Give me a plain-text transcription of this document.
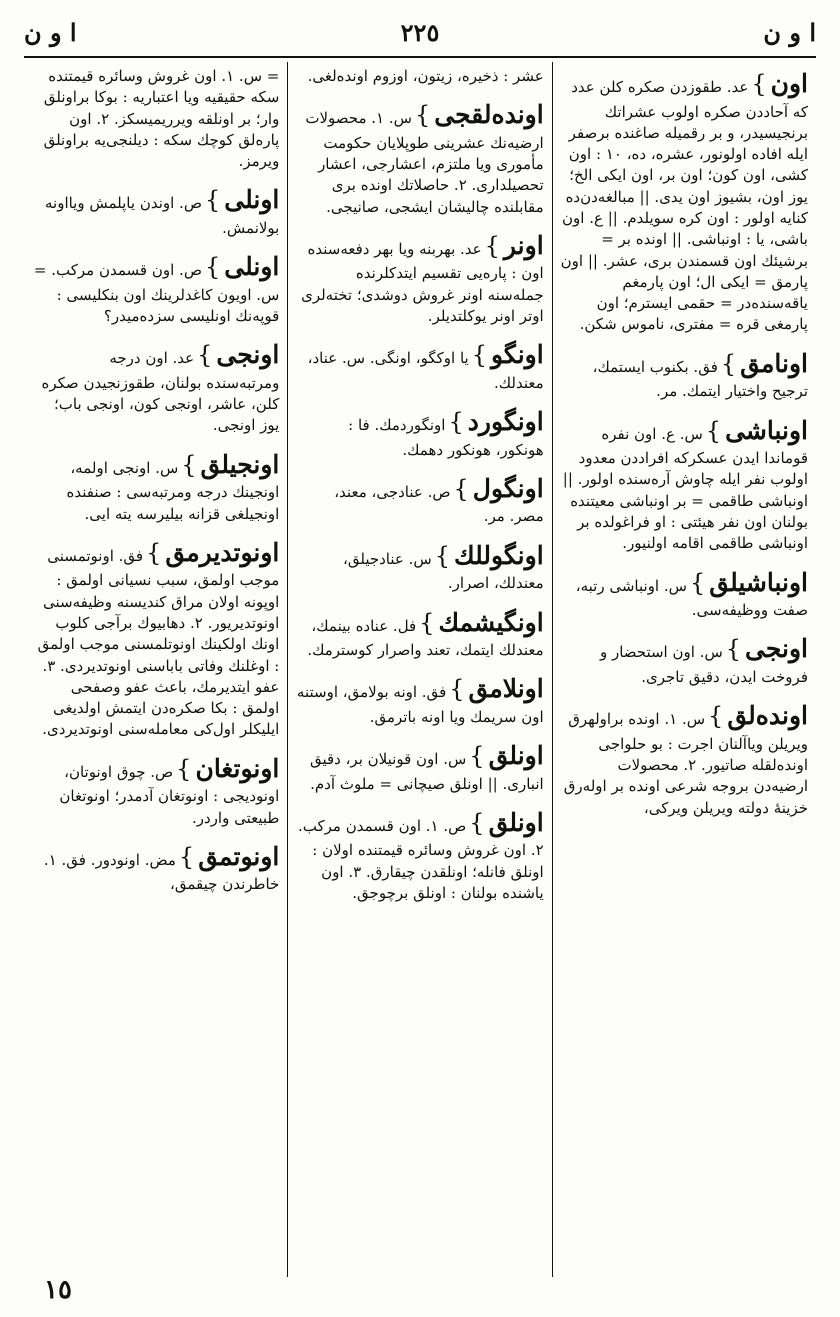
ا و ن	٢٢٥	ا و ن

اون}عد. طقوزدن صکره کلن عدد که آحاددن صکره اولوب عشراتك برنجیسیدر، و بر رقمیله صاغنده برصفر ایله افاده اولونور، عشره، ده، ١٠ : اون کشی، اون کون؛ اون بر، اون ایکی الخ؛ یوز اون، بشیوز اون یدی. || مبالغه‌دن‌ده کنایه اولور : اون کره سویلدم. || ع. اون باشی، یا : اونباشی. || اونده بر = برشیئك اون قسمندن بری، عشر. || اون پارمق = ایکی ال؛ اون پارمغم یاقه‌سنده‌در = حقمی ایسترم؛ اون پارمغی قره = مفتری، ناموس شکن.

اونامق}فق. بکنوب ایستمك، ترجیح واختیار ایتمك. مر.

اونباشی}س. ع. اون نفره قوماندا ایدن عسکرکه افراددن معدود اولوب نفر ایله چاوش آره‌سنده اولور. || اونباشی طاقمی = بر اونباشی معیتنده بولنان اون نفر هیئتی : او فراغولده بر اونباشی طاقمی اقامه اولنیور.

اونباشیلق}س. اونباشی رتبه، صفت ووظیفه‌سی.

اونجی}س. اون استحضار و فروخت ایدن، دقیق تاجری.

اونده‌لق}س. ١. اونده براولهرق ویریلن ویاآلنان اجرت : بو حلواجی اونده‌لقله صاتیور. ٢. محصولات ارضیه‌دن بروجه شرعی اونده بر اوله‌رق خزینهٔ دولته ویریلن ویرکی،

عشر : ذخیره، زیتون، اوزوم اونده‌لغی.

اونده‌لقجی}س. ١. محصولات ارضیه‌نك عشرینی طوپلایان حکومت مأموری ویا ملتزم، اعشارجی، اعشار تحصیلداری. ٢. حاصلاتك اونده بری مقابلنده چالیشان ایشجی، صانیجی.

اونر}عد. بهربنه ویا بهر دفعه‌سنده اون : پاره‌یی تقسیم ایتدکلرنده جمله‌سنه اونر غروش دوشدی؛ تخته‌لری اوتر اونر یوکلتدیلر.

اونگو}یا اوکگو، اونگی. س. عناد، معندلك.

اونگورد}اونگوردمك. فا : هونکور، هونکور دهمك.

اونگول}ص. عنادجی، معند، مصر. مر.

اونگوللك}س. عنادجیلق، معندلك، اصرار.

اونگیشمك}فل. عناده بینمك، معندلك ایتمك، تعند واصرار کوسترمك.

اونلامق}فق. اونه بولامق، اوستنه اون سریمك ویا اونه باترمق.

اونلق}س. اون قونیلان بر، دقیق انباری. || اونلق صیچانی = ملوث آدم.

اونلق}ص. ١. اون قسمدن مرکب. ٢. اون غروش وسائره قیمتنده اولان : اونلق فانله؛ اونلقدن چیقارق. ٣. اون یاشنده بولنان : اونلق برچوجق.

= س. ١. اون غروش وسائره قیمتنده سکه حقیقیه ویا اعتباریه : بوکا براونلق وار؛ بر اونلقه ویرریمیسکز. ٢. اون پاره‌لق کوچك سکه : دیلنجی‌یه براونلق ویرمز.

اونلی}ص. اوندن یاپلمش ویااونه بولانمش.

اونلی}ص. اون قسمدن مرکب. = س. اویون کاغدلرینك اون بنکلیسی : قوپه‌نك اونلیسی سزده‌میدر؟

اونجی}عد. اون درجه ومرتبه‌سنده بولنان، طقوزنجیدن صکره کلن، عاشر، اونجی کون، اونجی باب؛ یوز اونجی.

اونجیلق}س. اونجی اولمه، اونجینك درجه ومرتبه‌سی : صنفنده اونجیلغی قزانه بیلیرسه یته ایی.

اونوتدیرمق}فق. اونوتمسنی موجب اولمق، سبب نسیانی اولمق : اوپونه اولان مراق کندیسنه وظیفه‌سنی اونوتدیریور. ٢. دهابیوك برآجی کلوب اونك اولکینك اونوتلمسنی موجب اولمق : اوغلنك وفاتی باباسنی اونوتدیردی. ٣. عفو ایتدیرمك، باعث عفو وصفحی اولمق : بکا صکره‌دن ایتمش اولدیغی ایلیکلر اول‌کی معامله‌سنی اونوتدیردی.

اونوتغان}ص. چوق اونوتان، اونودیجی : اونوتغان آدمدر؛ اونوتغان طبیعتی واردر.

اونوتمق}مض. اونودور. فق. ١. خاطرندن چیقمق،

١٥
